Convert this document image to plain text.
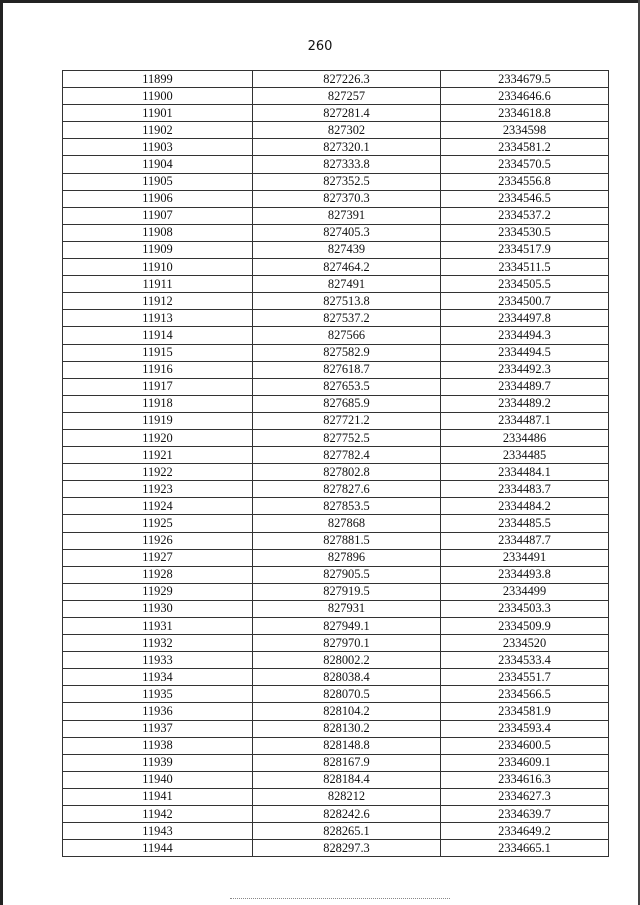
260
11899	827226.3	2334679.5
11900	827257	2334646.6
11901	827281.4	2334618.8
11902	827302	2334598
11903	827320.1	2334581.2
11904	827333.8	2334570.5
11905	827352.5	2334556.8
11906	827370.3	2334546.5
11907	827391	2334537.2
11908	827405.3	2334530.5
11909	827439	2334517.9
11910	827464.2	2334511.5
11911	827491	2334505.5
11912	827513.8	2334500.7
11913	827537.2	2334497.8
11914	827566	2334494.3
11915	827582.9	2334494.5
11916	827618.7	2334492.3
11917	827653.5	2334489.7
11918	827685.9	2334489.2
11919	827721.2	2334487.1
11920	827752.5	2334486
11921	827782.4	2334485
11922	827802.8	2334484.1
11923	827827.6	2334483.7
11924	827853.5	2334484.2
11925	827868	2334485.5
11926	827881.5	2334487.7
11927	827896	2334491
11928	827905.5	2334493.8
11929	827919.5	2334499
11930	827931	2334503.3
11931	827949.1	2334509.9
11932	827970.1	2334520
11933	828002.2	2334533.4
11934	828038.4	2334551.7
11935	828070.5	2334566.5
11936	828104.2	2334581.9
11937	828130.2	2334593.4
11938	828148.8	2334600.5
11939	828167.9	2334609.1
11940	828184.4	2334616.3
11941	828212	2334627.3
11942	828242.6	2334639.7
11943	828265.1	2334649.2
11944	828297.3	2334665.1
